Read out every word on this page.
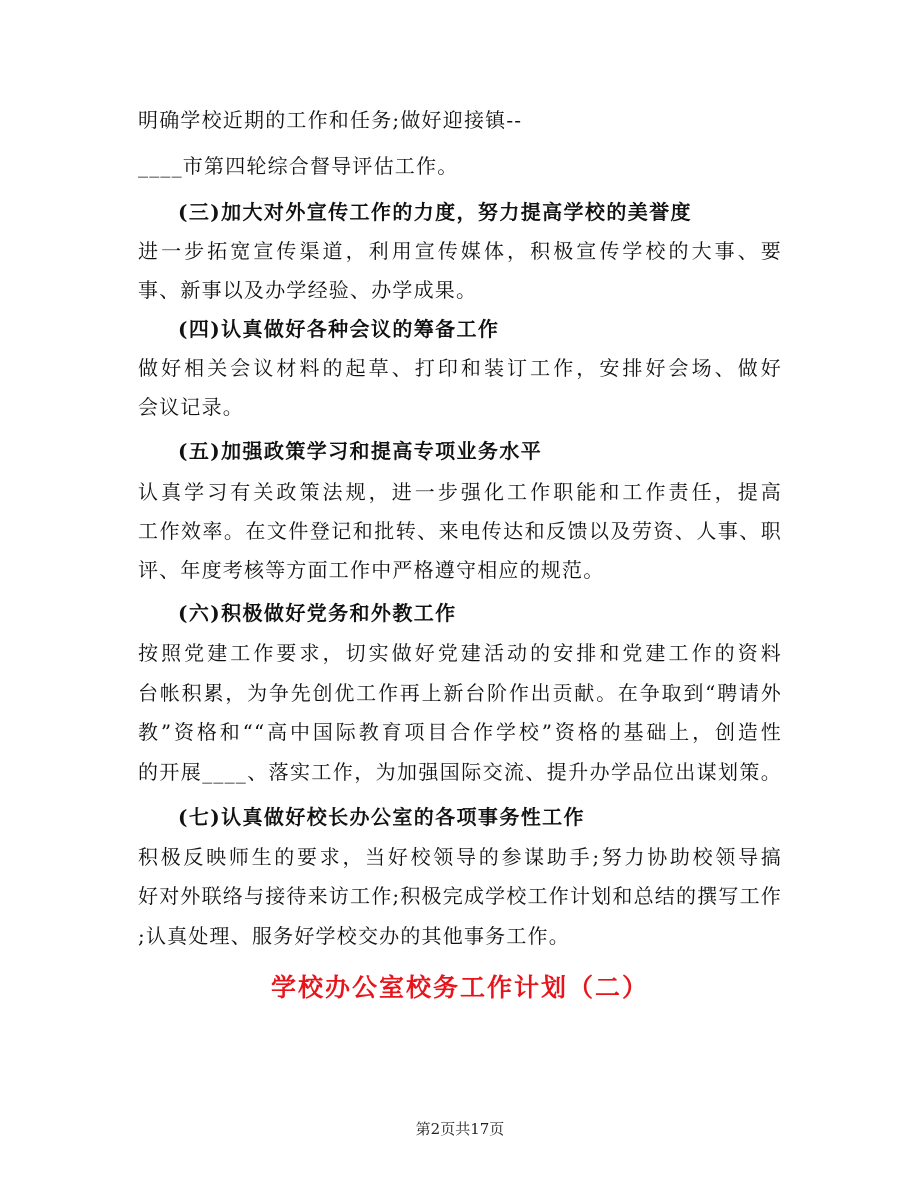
明确学校近期的工作和任务;做好迎接镇--
____市第四轮综合督导评估工作。
(三)加大对外宣传工作的力度，努力提高学校的美誉度
进一步拓宽宣传渠道，利用宣传媒体，积极宣传学校的大事、要
事、新事以及办学经验、办学成果。
(四)认真做好各种会议的筹备工作
做好相关会议材料的起草、打印和装订工作，安排好会场、做好
会议记录。
(五)加强政策学习和提高专项业务水平
认真学习有关政策法规，进一步强化工作职能和工作责任，提高
工作效率。在文件登记和批转、来电传达和反馈以及劳资、人事、职
评、年度考核等方面工作中严格遵守相应的规范。
(六)积极做好党务和外教工作
按照党建工作要求，切实做好党建活动的安排和党建工作的资料
台帐积累，为争先创优工作再上新台阶作出贡献。在争取到“聘请外
教”资格和““高中国际教育项目合作学校”资格的基础上，创造性
的开展____、落实工作，为加强国际交流、提升办学品位出谋划策。
(七)认真做好校长办公室的各项事务性工作
积极反映师生的要求，当好校领导的参谋助手;努力协助校领导搞
好对外联络与接待来访工作;积极完成学校工作计划和总结的撰写工作
;认真处理、服务好学校交办的其他事务工作。
学校办公室校务工作计划（二）
第2页共17页
